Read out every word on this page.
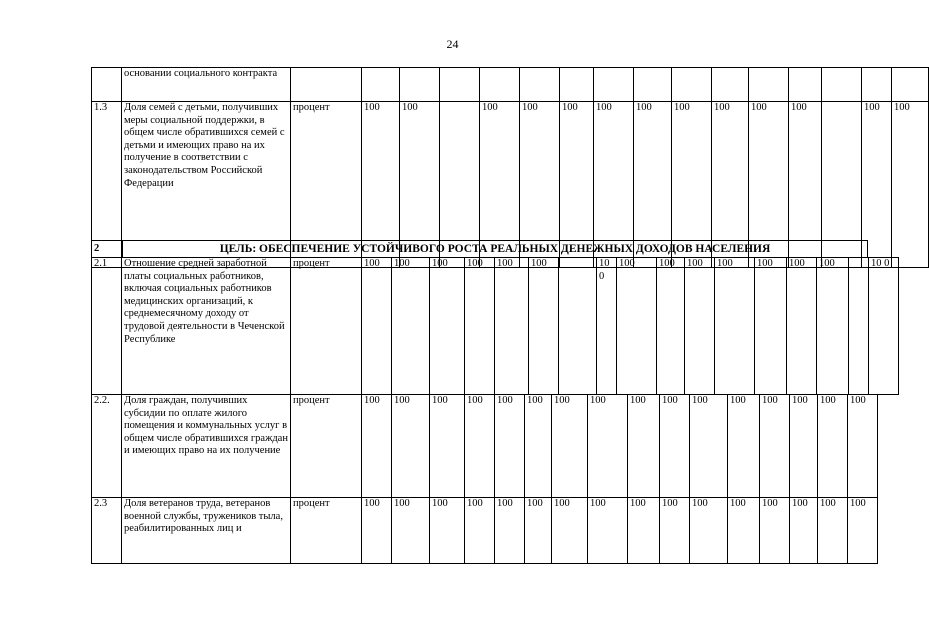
24
	основании социального контракта																
1.3	Доля семей с детьми, получивших меры социальной поддержки, в общем числе обратившихся семей с детьми и имеющих право на их получение в соответствии с законодательством Российской Федерации	процент	100	100		100	100	100	100	100	100	100	100	100		100	100
2	ЦЕЛЬ: ОБЕСПЕЧЕНИЕ УСТОЙЧИВОГО РОСТА РЕАЛЬНЫХ ДЕНЕЖНЫХ ДОХОДОВ НАСЕЛЕНИЯ
2.1	Отношение средней заработной платы социальных работников, включая социальных работников медицинских организаций, к среднемесячному доходу от трудовой деятельности в Чеченской Республике	процент	100	100	100	100	100	100		10 0	100	100	100	100	100	100	100		10 0	
2.2.	Доля граждан, получивших субсидии по оплате жилого помещения и коммунальных услуг в общем числе обратившихся граждан и имеющих право на их получение	процент	100	100	100	100	100	100	100	100	100	100	100	100	100	100	100	100
2.3	Доля ветеранов труда, ветеранов военной службы, тружеников тыла, реабилитированных лиц и	процент	100	100	100	100	100	100	100	100	100	100	100	100	100	100	100	100
